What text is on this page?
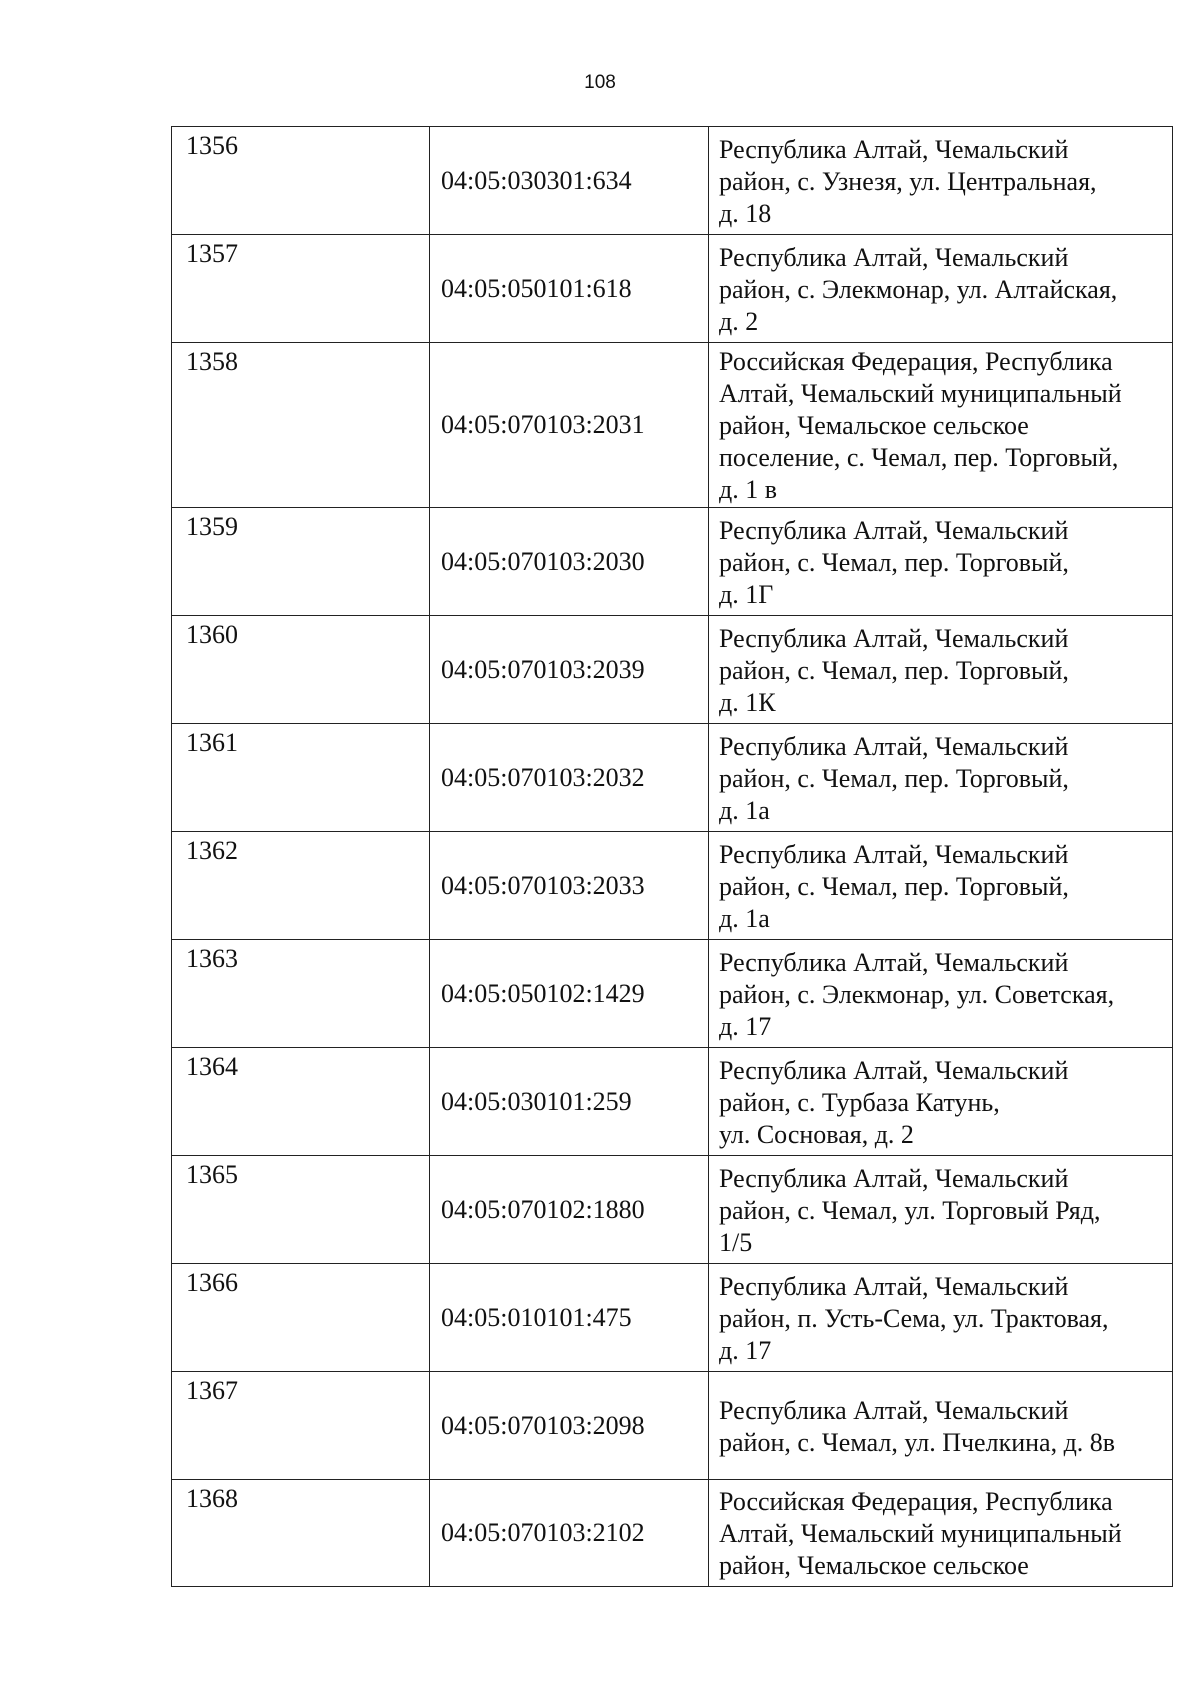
108
1356	04:05:030301:634	Республика Алтай, Чемальский
район, с. Узнезя, ул. Центральная,
д. 18

1357	04:05:050101:618	Республика Алтай, Чемальский
район, с. Элекмонар, ул. Алтайская,
д. 2

1358	04:05:070103:2031	Российская Федерация, Республика
Алтай, Чемальский муниципальный
район, Чемальское сельское
поселение, с. Чемал, пер. Торговый,
д. 1 в

1359	04:05:070103:2030	Республика Алтай, Чемальский
район, с. Чемал, пер. Торговый,
д. 1Г

1360	04:05:070103:2039	Республика Алтай, Чемальский
район, с. Чемал, пер. Торговый,
д. 1К

1361	04:05:070103:2032	Республика Алтай, Чемальский
район, с. Чемал, пер. Торговый,
д. 1а

1362	04:05:070103:2033	Республика Алтай, Чемальский
район, с. Чемал, пер. Торговый,
д. 1а

1363	04:05:050102:1429	Республика Алтай, Чемальский
район, с. Элекмонар, ул. Советская,
д. 17

1364	04:05:030101:259	Республика Алтай, Чемальский
район, с. Турбаза Катунь,
ул. Сосновая, д. 2

1365	04:05:070102:1880	Республика Алтай, Чемальский
район, с. Чемал, ул. Торговый Ряд,
1/5

1366	04:05:010101:475	Республика Алтай, Чемальский
район, п. Усть-Сема, ул. Трактовая,
д. 17

1367	04:05:070103:2098	Республика Алтай, Чемальский
район, с. Чемал, ул. Пчелкина, д. 8в

1368	04:05:070103:2102	Российская Федерация, Республика
Алтай, Чемальский муниципальный
район, Чемальское сельское
